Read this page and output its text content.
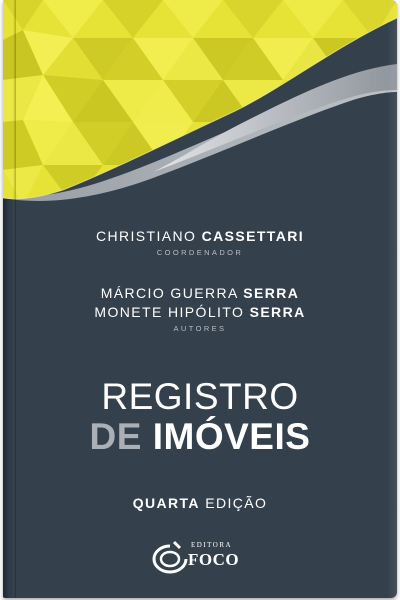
CHRISTIANO CASSETTARI
COORDENADOR
MÁRCIO GUERRA SERRA
MONETE HIPÓLITO SERRA
AUTORES
REGISTRO
DE IMÓVEIS
QUARTA EDIÇÃO
EDITORA
FOCO
